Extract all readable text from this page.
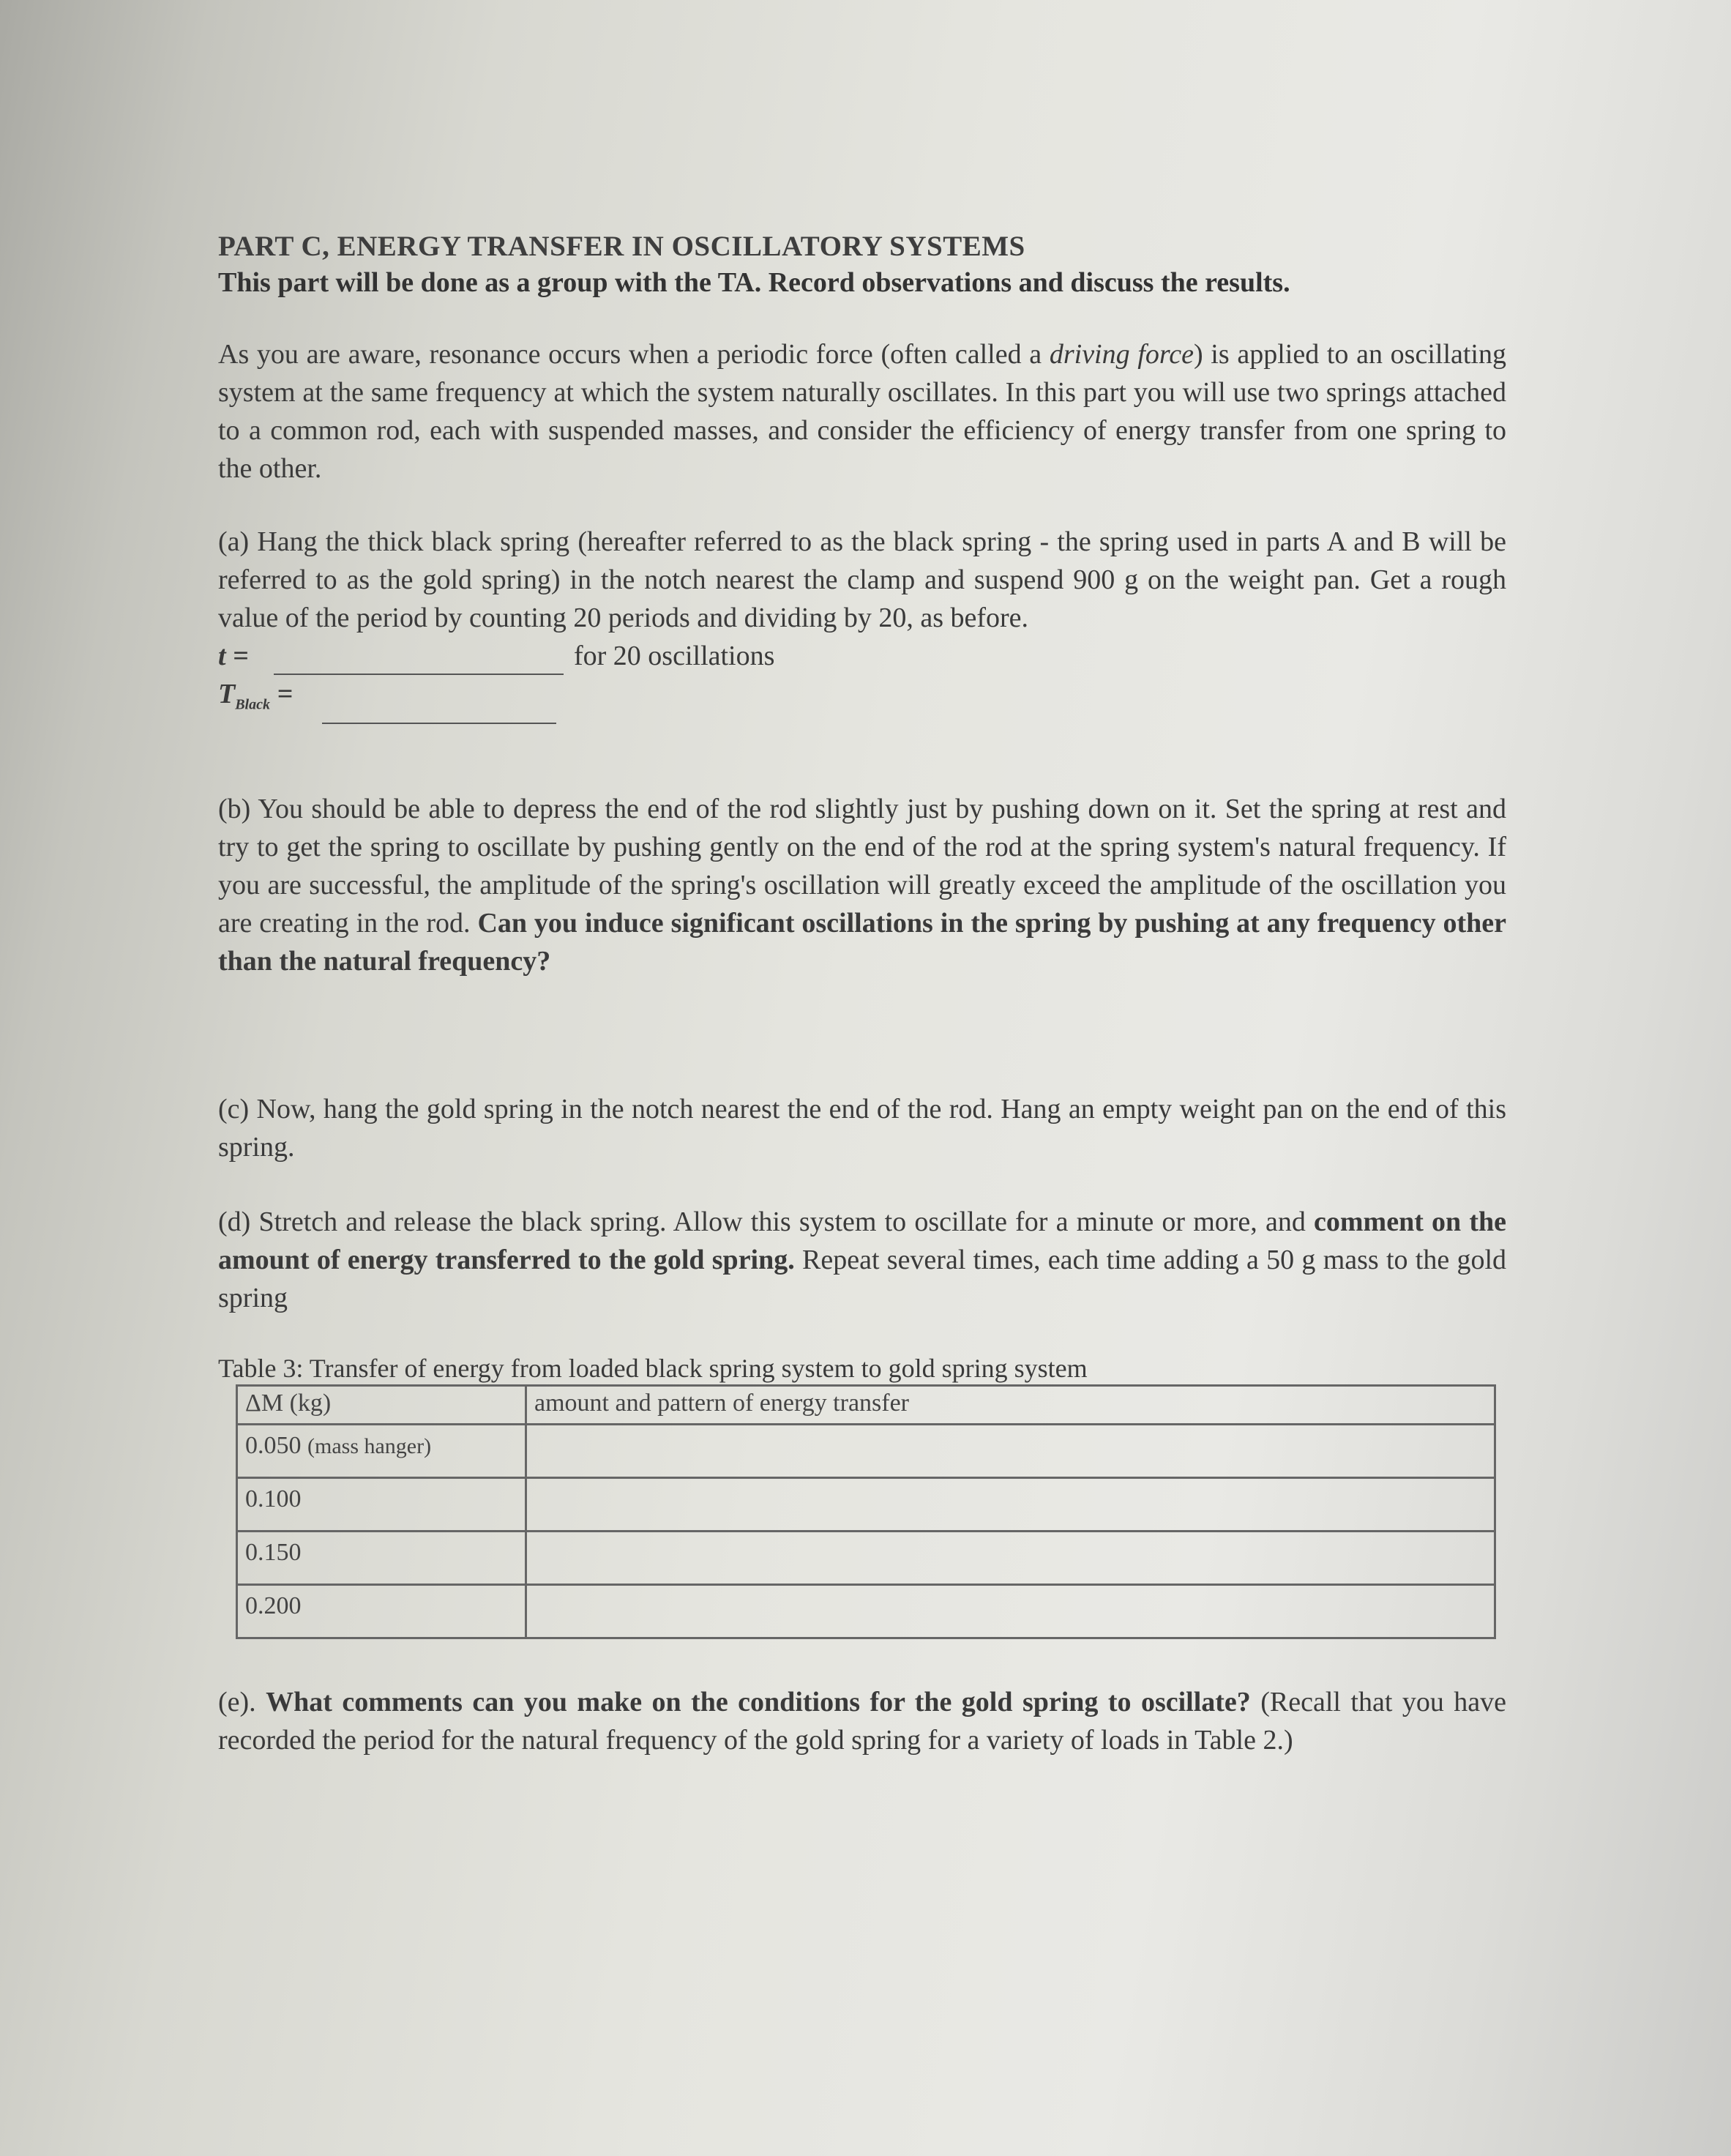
PART C, ENERGY TRANSFER IN OSCILLATORY SYSTEMS
This part will be done as a group with the TA. Record observations and discuss the results.

As you are aware, resonance occurs when a periodic force (often called a driving force) is applied to an oscillating system at the same frequency at which the system naturally oscillates. In this part you will use two springs attached to a common rod, each with suspended masses, and consider the efficiency of energy transfer from one spring to the other.

(a) Hang the thick black spring (hereafter referred to as the black spring - the spring used in parts A and B will be referred to as the gold spring) in the notch nearest the clamp and suspend 900 g on the weight pan. Get a rough value of the period by counting 20 periods and dividing by 20, as before.

t =	for 20 oscillations
$T_{Black}$ =

(b) You should be able to depress the end of the rod slightly just by pushing down on it. Set the spring at rest and try to get the spring to oscillate by pushing gently on the end of the rod at the spring system's natural frequency. If you are successful, the amplitude of the spring's oscillation will greatly exceed the amplitude of the oscillation you are creating in the rod. Can you induce significant oscillations in the spring by pushing at any frequency other than the natural frequency?

(c) Now, hang the gold spring in the notch nearest the end of the rod. Hang an empty weight pan on the end of this spring.

(d) Stretch and release the black spring. Allow this system to oscillate for a minute or more, and comment on the amount of energy transferred to the gold spring. Repeat several times, each time adding a 50 g mass to the gold spring

Table 3: Transfer of energy from loaded black spring system to gold spring system
ΔM (kg)	amount and pattern of energy transfer
0.050 (mass hanger)	
0.100	
0.150	
0.200	

(e). What comments can you make on the conditions for the gold spring to oscillate? (Recall that you have recorded the period for the natural frequency of the gold spring for a variety of loads in Table 2.)
